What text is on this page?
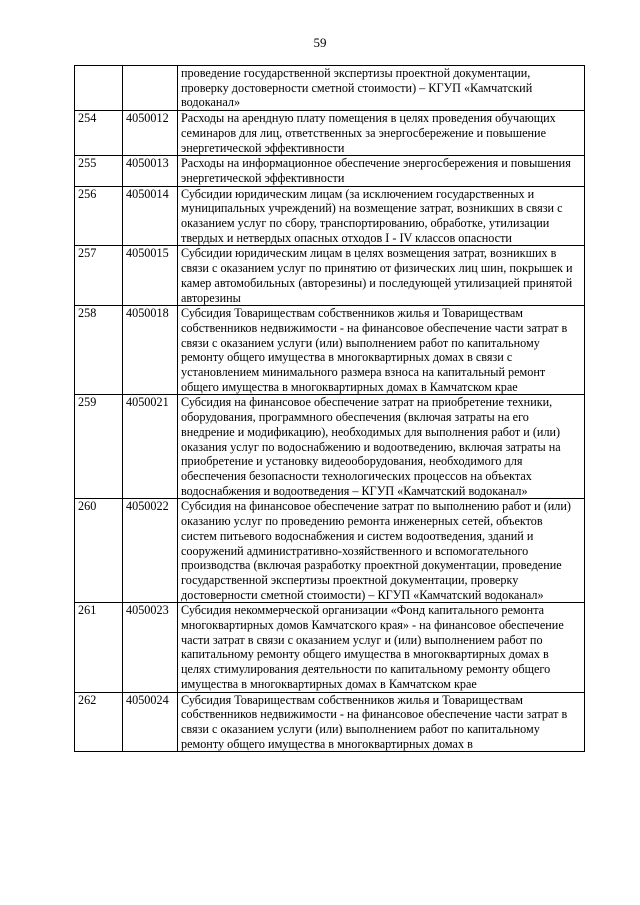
59
		проведение государственной экспертизы проектной документации, проверку достоверности сметной стоимости) – КГУП «Камчатский водоканал»
254	4050012	Расходы на арендную плату помещения в целях проведения обучающих семинаров для лиц, ответственных за энергосбережение и повышение энергетической эффективности
255	4050013	Расходы на информационное обеспечение энергосбережения и повышения энергетической эффективности
256	4050014	Субсидии юридическим лицам (за исключением государственных и муниципальных учреждений) на возмещение затрат, возникших в связи с оказанием услуг по сбору, транспортированию, обработке, утилизации твердых и нетвердых опасных отходов I - IV классов опасности
257	4050015	Субсидии юридическим лицам в целях возмещения затрат, возникших в связи с оказанием услуг по принятию от физических лиц шин, покрышек и камер автомобильных (авторезины) и последующей утилизацией принятой авторезины
258	4050018	Субсидия Товариществам собственников жилья и Товариществам собственников недвижимости - на финансовое обеспечение части затрат в связи с оказанием услуги (или) выполнением работ по капитальному ремонту общего имущества в многоквартирных домах в связи с установлением минимального размера взноса на капитальный ремонт общего имущества в многоквартирных домах в Камчатском крае
259	4050021	Субсидия на финансовое обеспечение затрат на приобретение техники, оборудования, программного обеспечения (включая затраты на его внедрение и модификацию), необходимых для выполнения работ и (или) оказания услуг по водоснабжению и водоотведению, включая затраты на приобретение и установку видеооборудования, необходимого для обеспечения безопасности технологических процессов на объектах водоснабжения и водоотведения – КГУП «Камчатский водоканал»
260	4050022	Субсидия на финансовое обеспечение затрат по выполнению работ и (или) оказанию услуг по проведению ремонта инженерных сетей, объектов систем питьевого водоснабжения и систем водоотведения, зданий и сооружений административно-хозяйственного и вспомогательного производства (включая разработку проектной документации, проведение государственной экспертизы проектной документации, проверку достоверности сметной стоимости) – КГУП «Камчатский водоканал»
261	4050023	Субсидия некоммерческой организации «Фонд капитального ремонта многоквартирных домов Камчатского края» - на финансовое обеспечение части затрат в связи с оказанием услуг и (или) выполнением работ по капитальному ремонту общего имущества в многоквартирных домах в целях стимулирования деятельности по капитальному ремонту общего имущества в многоквартирных домах в Камчатском крае
262	4050024	Субсидия Товариществам собственников жилья и Товариществам собственников недвижимости - на финансовое обеспечение части затрат в связи с оказанием услуги (или) выполнением работ по капитальному ремонту общего имущества в многоквартирных домах в
